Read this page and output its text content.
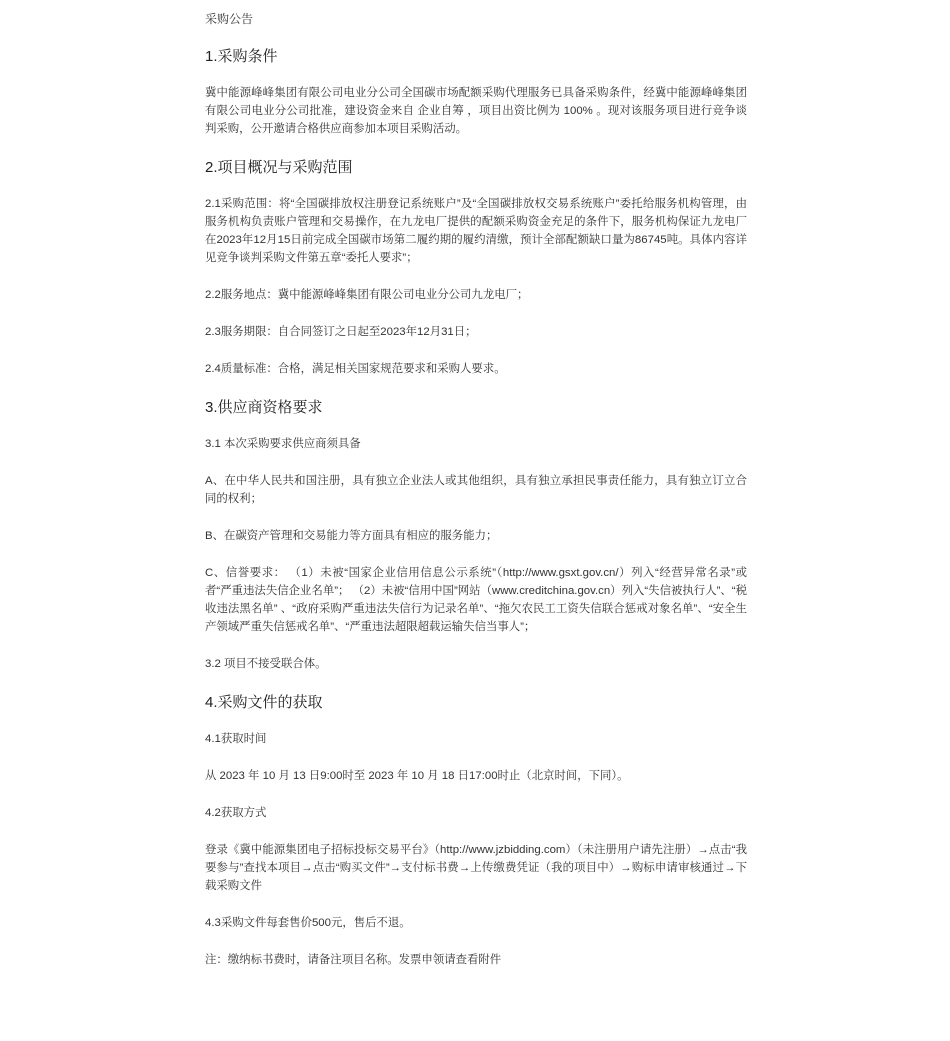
采购公告
1.采购条件

冀中能源峰峰集团有限公司电业分公司全国碳市场配额采购代理服务已具备采购条件，经冀中能源峰峰集团有限公司电业分公司批准，建设资金来自 企业自筹 ，项目出资比例为 100% 。现对该服务项目进行竞争谈判采购，公开邀请合格供应商参加本项目采购活动。

2.项目概况与采购范围

2.1采购范围：将“全国碳排放权注册登记系统账户”及“全国碳排放权交易系统账户”委托给服务机构管理，由服务机构负责账户管理和交易操作，在九龙电厂提供的配额采购资金充足的条件下，服务机构保证九龙电厂在2023年12月15日前完成全国碳市场第二履约期的履约清缴，预计全部配额缺口量为86745吨。具体内容详见竞争谈判采购文件第五章“委托人要求”；

2.2服务地点：冀中能源峰峰集团有限公司电业分公司九龙电厂；

2.3服务期限：自合同签订之日起至2023年12月31日；

2.4质量标准：合格，满足相关国家规范要求和采购人要求。

3.供应商资格要求

3.1 本次采购要求供应商须具备

A、在中华人民共和国注册，具有独立企业法人或其他组织，具有独立承担民事责任能力，具有独立订立合同的权利；

B、在碳资产管理和交易能力等方面具有相应的服务能力；

C、信誉要求： （1）未被“国家企业信用信息公示系统”（http://www.gsxt.gov.cn/）列入“经营异常名录”或者“严重违法失信企业名单”； （2）未被“信用中国”网站（www.creditchina.gov.cn）列入“失信被执行人”、“税收违法黑名单” 、“政府采购严重违法失信行为记录名单”、“拖欠农民工工资失信联合惩戒对象名单”、“安全生产领域严重失信惩戒名单”、“严重违法超限超载运输失信当事人”；

3.2 项目不接受联合体。

4.采购文件的获取

4.1获取时间

从 2023 年 10 月 13 日9:00时至 2023 年 10 月 18 日17:00时止（北京时间，下同）。

4.2获取方式

登录《冀中能源集团电子招标投标交易平台》（http://www.jzbidding.com）（未注册用户请先注册）→点击“我要参与”查找本项目→点击“购买文件”→支付标书费→上传缴费凭证（我的项目中）→购标申请审核通过→下载采购文件

4.3采购文件每套售价500元，售后不退。

注：缴纳标书费时，请备注项目名称。发票申领请查看附件
